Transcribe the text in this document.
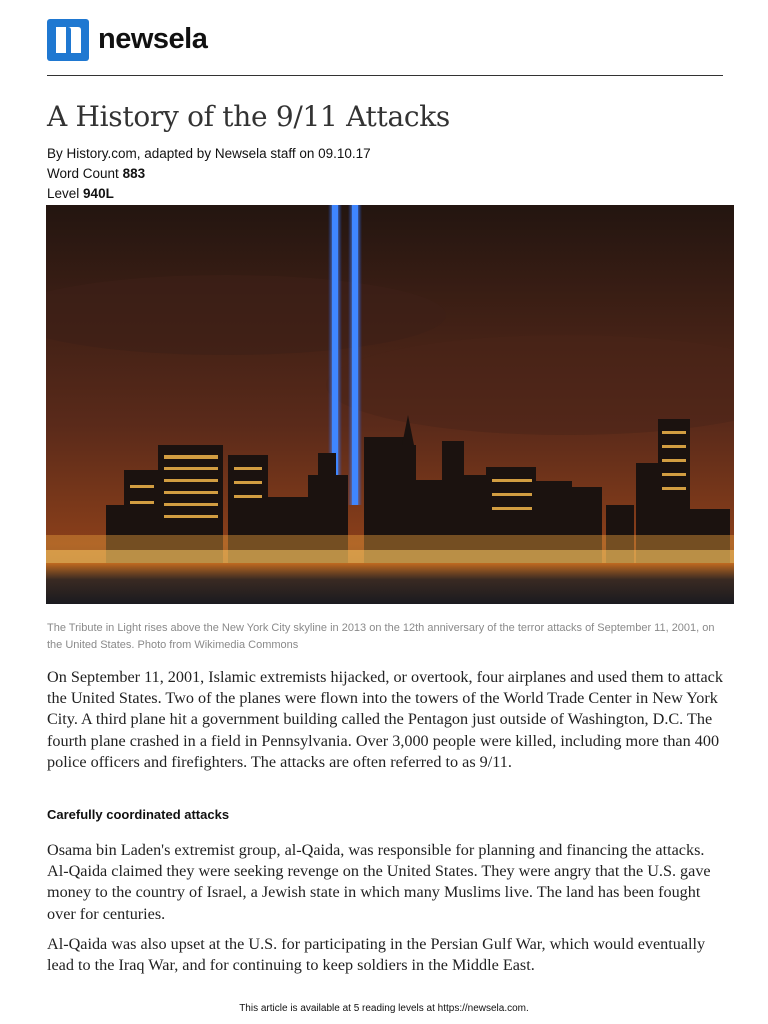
newsela
A History of the 9/11 Attacks
By History.com, adapted by Newsela staff on 09.10.17
Word Count 883
Level 940L
The Tribute in Light rises above the New York City skyline in 2013 on the 12th anniversary of the terror attacks of September 11, 2001, on the United States. Photo from Wikimedia Commons

On September 11, 2001, Islamic extremists hijacked, or overtook, four airplanes and used them to attack the United States. Two of the planes were flown into the towers of the World Trade Center in New York City. A third plane hit a government building called the Pentagon just outside of Washington, D.C. The fourth plane crashed in a field in Pennsylvania. Over 3,000 people were killed, including more than 400 police officers and firefighters. The attacks are often referred to as 9/11.

Carefully coordinated attacks

Osama bin Laden's extremist group, al-Qaida, was responsible for planning and financing the attacks. Al-Qaida claimed they were seeking revenge on the United States. They were angry that the U.S. gave money to the country of Israel, a Jewish state in which many Muslims live. The land has been fought over for centuries.

Al-Qaida was also upset at the U.S. for participating in the Persian Gulf War, which would eventually lead to the Iraq War, and for continuing to keep soldiers in the Middle East.

This article is available at 5 reading levels at https://newsela.com.
